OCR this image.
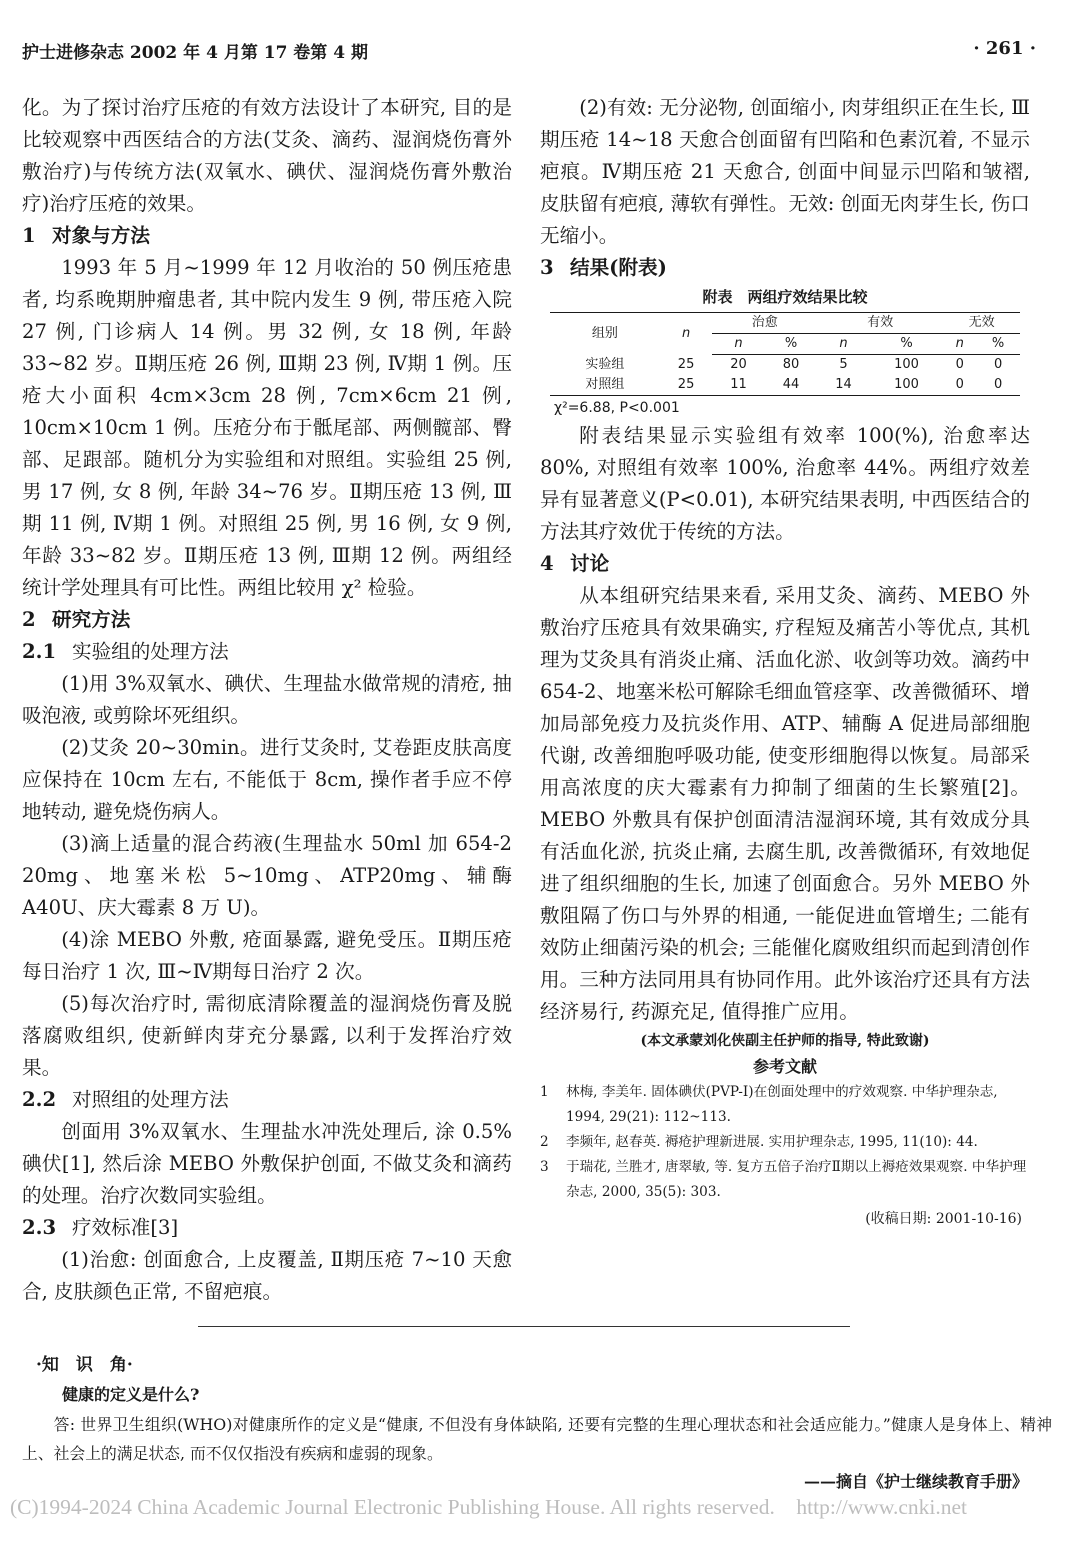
护士进修杂志 2002 年 4 月第 17 卷第 4 期	· 261 ·

化。为了探讨治疗压疮的有效方法设计了本研究, 目的是比较观察中西医结合的方法(艾灸、滴药、湿润烧伤膏外敷治疗)与传统方法(双氧水、碘伏、湿润烧伤膏外敷治疗)治疗压疮的效果。

1 对象与方法

1993 年 5 月~1999 年 12 月收治的 50 例压疮患者, 均系晚期肿瘤患者, 其中院内发生 9 例, 带压疮入院 27 例, 门诊病人 14 例。男 32 例, 女 18 例, 年龄 33~82 岁。Ⅱ期压疮 26 例, Ⅲ期 23 例, Ⅳ期 1 例。压疮大小面积 4cm×3cm 28 例, 7cm×6cm 21 例, 10cm×10cm 1 例。压疮分布于骶尾部、两侧髋部、臀部、足跟部。随机分为实验组和对照组。实验组 25 例, 男 17 例, 女 8 例, 年龄 34~76 岁。Ⅱ期压疮 13 例, Ⅲ期 11 例, Ⅳ期 1 例。对照组 25 例, 男 16 例, 女 9 例, 年龄 33~82 岁。Ⅱ期压疮 13 例, Ⅲ期 12 例。两组经统计学处理具有可比性。两组比较用 χ² 检验。

2 研究方法
2.1 实验组的处理方法

(1)用 3%双氧水、碘伏、生理盐水做常规的清疮, 抽吸泡液, 或剪除坏死组织。

(2)艾灸 20~30min。进行艾灸时, 艾卷距皮肤高度应保持在 10cm 左右, 不能低于 8cm, 操作者手应不停地转动, 避免烧伤病人。

(3)滴上适量的混合药液(生理盐水 50ml 加 654-2 20mg、地塞米松 5~10mg、ATP20mg、辅酶 A40U、庆大霉素 8 万 U)。

(4)涂 MEBO 外敷, 疮面暴露, 避免受压。Ⅱ期压疮每日治疗 1 次, Ⅲ~Ⅳ期每日治疗 2 次。

(5)每次治疗时, 需彻底清除覆盖的湿润烧伤膏及脱落腐败组织, 使新鲜肉芽充分暴露, 以利于发挥治疗效果。

2.2 对照组的处理方法

创面用 3%双氧水、生理盐水冲洗处理后, 涂 0.5%碘伏[1], 然后涂 MEBO 外敷保护创面, 不做艾灸和滴药的处理。治疗次数同实验组。

2.3 疗效标准[3]

(1)治愈: 创面愈合, 上皮覆盖, Ⅱ期压疮 7~10 天愈合, 皮肤颜色正常, 不留疤痕。

(2)有效: 无分泌物, 创面缩小, 肉芽组织正在生长, Ⅲ期压疮 14~18 天愈合创面留有凹陷和色素沉着, 不显示疤痕。Ⅳ期压疮 21 天愈合, 创面中间显示凹陷和皱褶, 皮肤留有疤痕, 薄软有弹性。无效: 创面无肉芽生长, 伤口无缩小。

3 结果(附表)
附表　两组疗效结果比较
组别	n	治愈		有效		无效	
		n	%	n	%	n	%
实验组	25	20	80	5	100	0	0
对照组	25	11	44	14	100	0	0
χ²=6.88, P<0.001

附表结果显示实验组有效率 100(%), 治愈率达 80%, 对照组有效率 100%, 治愈率 44%。两组疗效差异有显著意义(P<0.01), 本研究结果表明, 中西医结合的方法其疗效优于传统的方法。

4 讨论

从本组研究结果来看, 采用艾灸、滴药、MEBO 外敷治疗压疮具有效果确实, 疗程短及痛苦小等优点, 其机理为艾灸具有消炎止痛、活血化淤、收剑等功效。滴药中 654-2、地塞米松可解除毛细血管痉挛、改善微循环、增加局部免疫力及抗炎作用、ATP、辅酶 A 促进局部细胞代谢, 改善细胞呼吸功能, 使变形细胞得以恢复。局部采用高浓度的庆大霉素有力抑制了细菌的生长繁殖[2]。MEBO 外敷具有保护创面清洁湿润环境, 其有效成分具有活血化淤, 抗炎止痛, 去腐生肌, 改善微循环, 有效地促进了组织细胞的生长, 加速了创面愈合。另外 MEBO 外敷阻隔了伤口与外界的相通, 一能促进血管增生; 二能有效防止细菌污染的机会; 三能催化腐败组织而起到清创作用。三种方法同用具有协同作用。此外该治疗还具有方法经济易行, 药源充足, 值得推广应用。

(本文承蒙刘化侠副主任护师的指导, 特此致谢)
参考文献
1	林梅, 李美年. 固体碘伏(PVP-I)在创面处理中的疗效观察. 中华护理杂志, 1994, 29(21): 112~113.
2	李频年, 赵春英. 褥疮护理新进展. 实用护理杂志, 1995, 11(10): 44.
3	于瑞花, 兰胜才, 唐翠敏, 等. 复方五倍子治疗Ⅱ期以上褥疮效果观察. 中华护理杂志, 2000, 35(5): 303.
(收稿日期: 2001-10-16)
·知　识　角·
健康的定义是什么?

答: 世界卫生组织(WHO)对健康所作的定义是“健康, 不但没有身体缺陷, 还要有完整的生理心理状态和社会适应能力。”健康人是身体上、精神上、社会上的满足状态, 而不仅仅指没有疾病和虚弱的现象。

——摘自《护士继续教育手册》
(C)1994-2024 China Academic Journal Electronic Publishing House. All rights reserved.　http://www.cnki.net
